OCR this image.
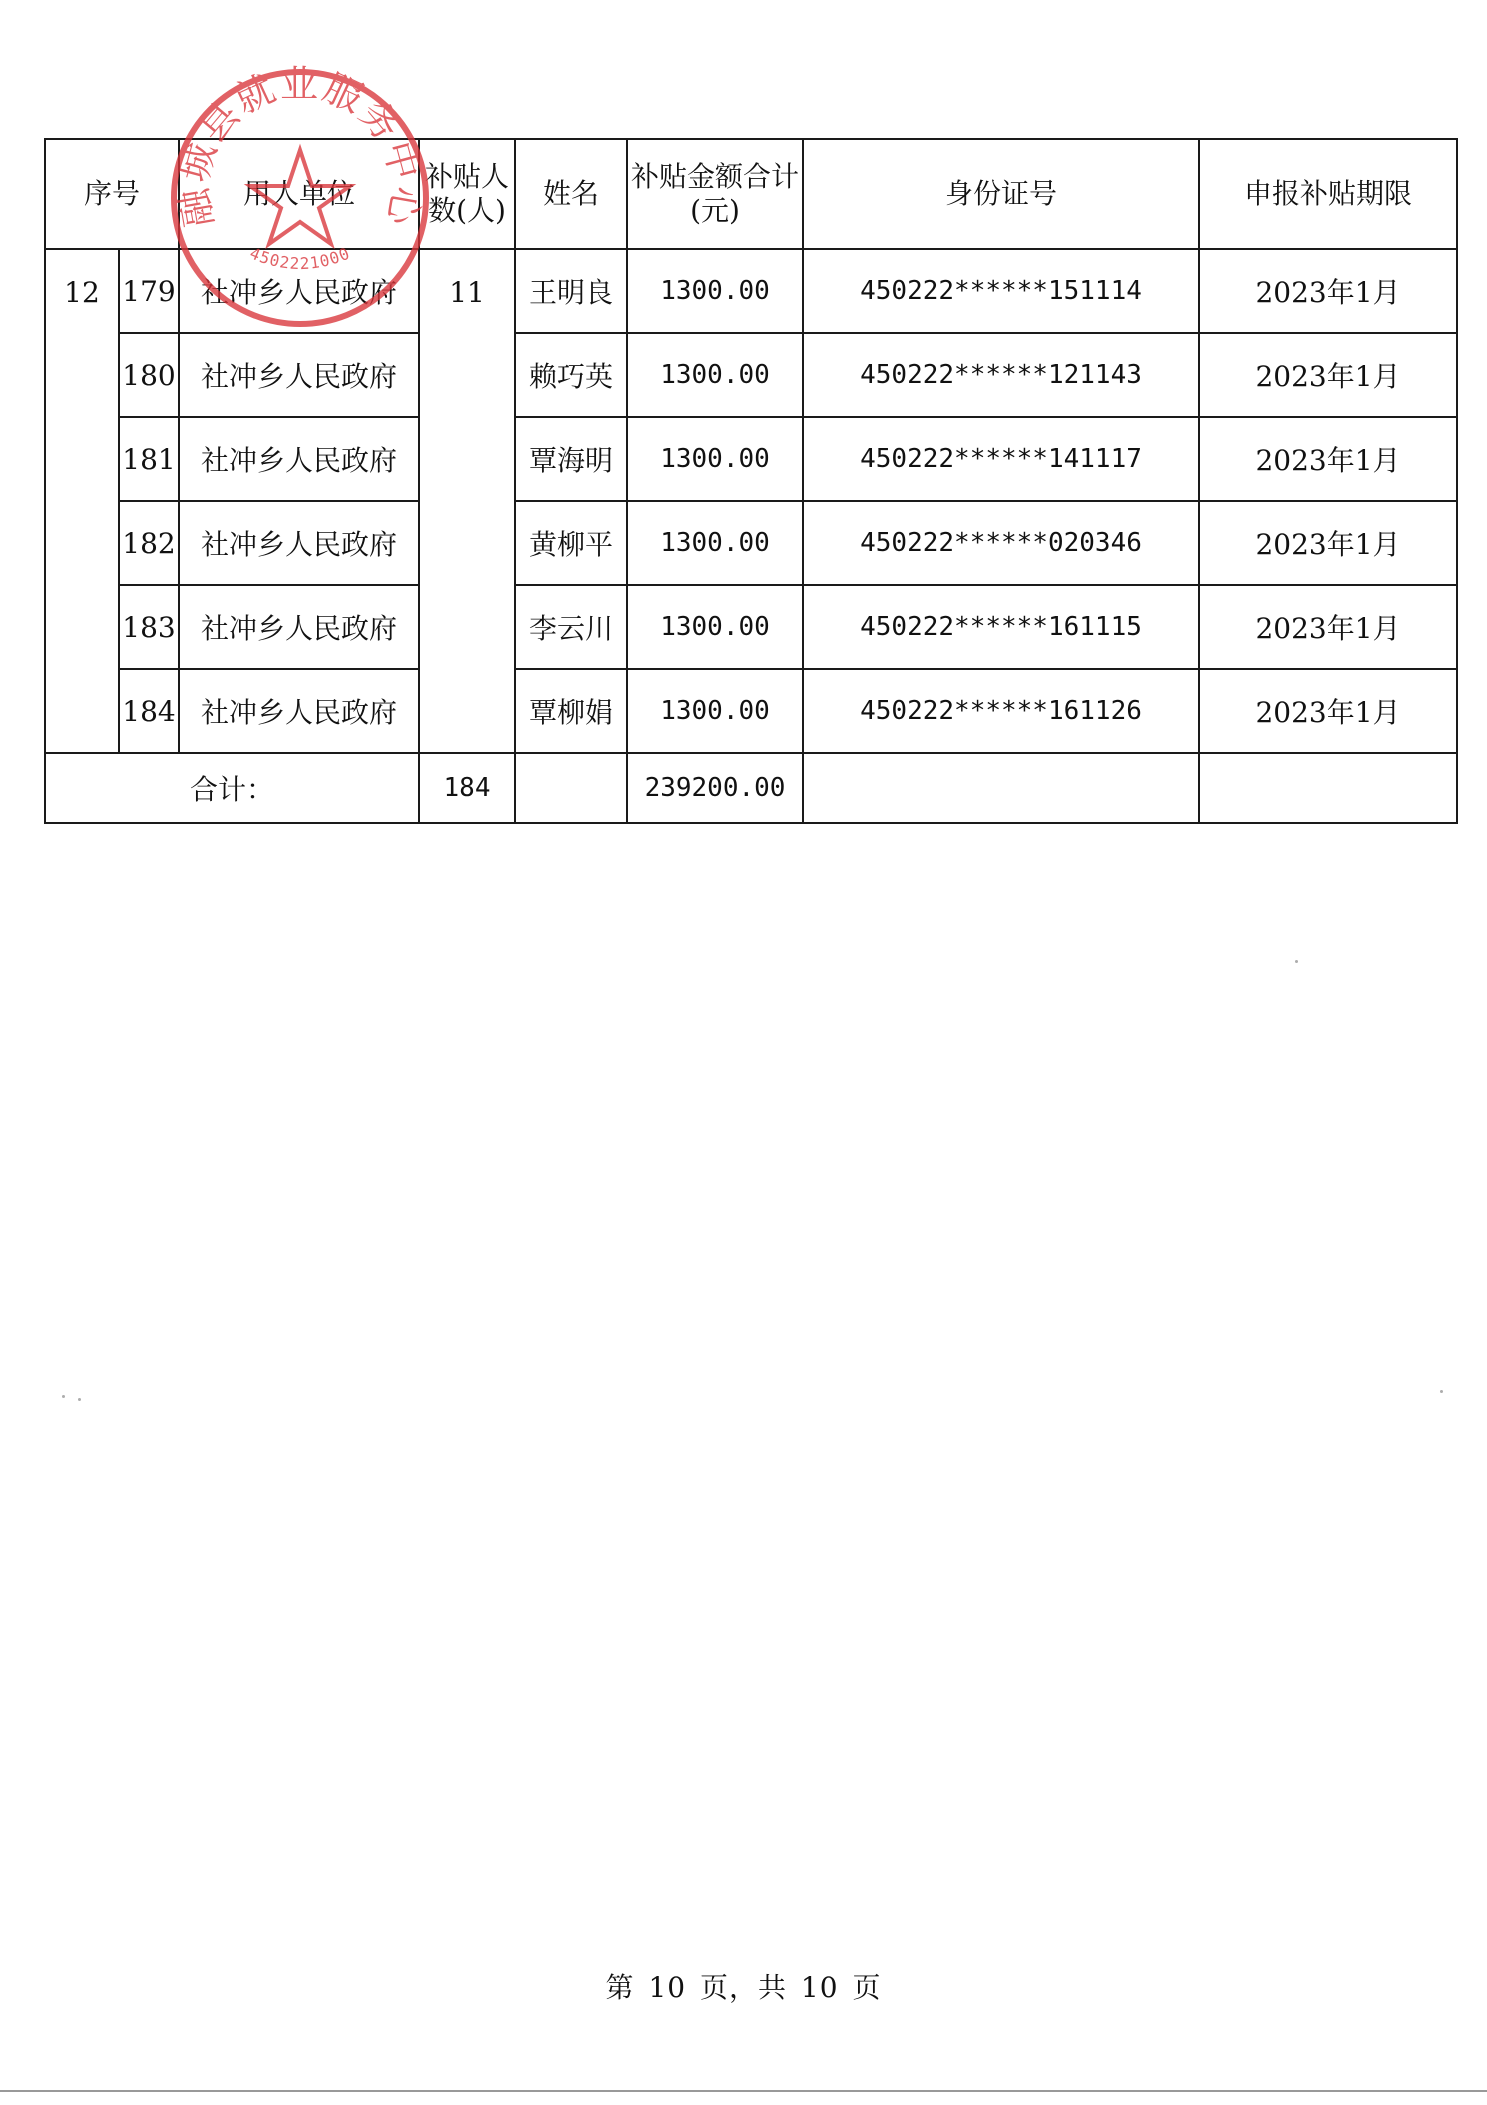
序号		用人单位	补贴人数(人)	姓名	补贴金额合计(元)	身份证号	申报补贴期限
12	179	社冲乡人民政府	11	王明良	1300.00	450222******151114	2023年1月
	180	社冲乡人民政府		赖巧英	1300.00	450222******121143	2023年1月
	181	社冲乡人民政府		覃海明	1300.00	450222******141117	2023年1月
	182	社冲乡人民政府		黄柳平	1300.00	450222******020346	2023年1月
	183	社冲乡人民政府		李云川	1300.00	450222******161115	2023年1月
	184	社冲乡人民政府		覃柳娟	1300.00	450222******161126	2023年1月
合计：			184		239200.00		
融城县就业服务中心
4502221000
第 10 页，共 10 页
